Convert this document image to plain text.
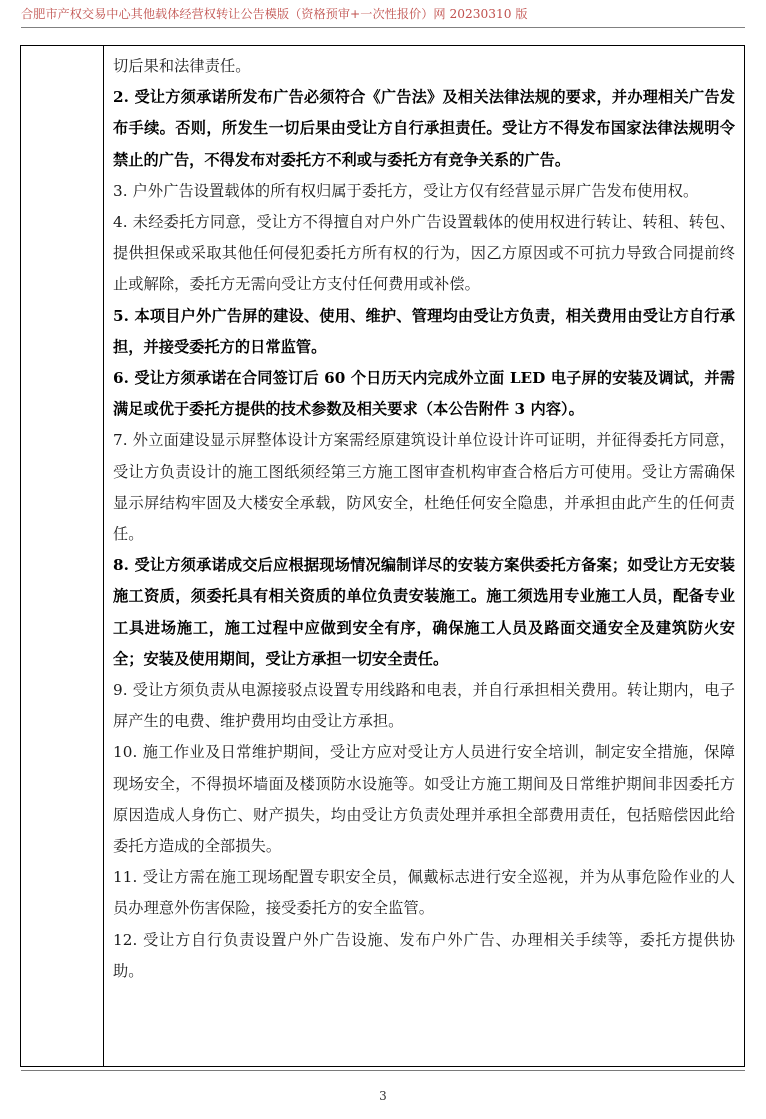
合肥市产权交易中心其他载体经营权转让公告模版（资格预审+一次性报价）网 20230310 版

切后果和法律责任。

2. 受让方须承诺所发布广告必须符合《广告法》及相关法律法规的要求，并办理相关广告发布手续。否则，所发生一切后果由受让方自行承担责任。受让方不得发布国家法律法规明令禁止的广告，不得发布对委托方不利或与委托方有竞争关系的广告。

3. 户外广告设置载体的所有权归属于委托方，受让方仅有经营显示屏广告发布使用权。

4. 未经委托方同意，受让方不得擅自对户外广告设置载体的使用权进行转让、转租、转包、提供担保或采取其他任何侵犯委托方所有权的行为，因乙方原因或不可抗力导致合同提前终止或解除，委托方无需向受让方支付任何费用或补偿。

5. 本项目户外广告屏的建设、使用、维护、管理均由受让方负责，相关费用由受让方自行承担，并接受委托方的日常监管。

6. 受让方须承诺在合同签订后 60 个日历天内完成外立面 LED 电子屏的安装及调试，并需满足或优于委托方提供的技术参数及相关要求（本公告附件 3 内容）。

7. 外立面建设显示屏整体设计方案需经原建筑设计单位设计许可证明，并征得委托方同意，受让方负责设计的施工图纸须经第三方施工图审查机构审查合格后方可使用。受让方需确保显示屏结构牢固及大楼安全承载，防风安全，杜绝任何安全隐患，并承担由此产生的任何责任。

8. 受让方须承诺成交后应根据现场情况编制详尽的安装方案供委托方备案；如受让方无安装施工资质，须委托具有相关资质的单位负责安装施工。施工须选用专业施工人员，配备专业工具进场施工，施工过程中应做到安全有序，确保施工人员及路面交通安全及建筑防火安全；安装及使用期间，受让方承担一切安全责任。

9. 受让方须负责从电源接驳点设置专用线路和电表，并自行承担相关费用。转让期内，电子屏产生的电费、维护费用均由受让方承担。

10. 施工作业及日常维护期间，受让方应对受让方人员进行安全培训，制定安全措施，保障现场安全，不得损坏墙面及楼顶防水设施等。如受让方施工期间及日常维护期间非因委托方原因造成人身伤亡、财产损失，均由受让方负责处理并承担全部费用责任，包括赔偿因此给委托方造成的全部损失。

11. 受让方需在施工现场配置专职安全员，佩戴标志进行安全巡视，并为从事危险作业的人员办理意外伤害保险，接受委托方的安全监管。

12. 受让方自行负责设置户外广告设施、发布户外广告、办理相关手续等，委托方提供协助。

3
